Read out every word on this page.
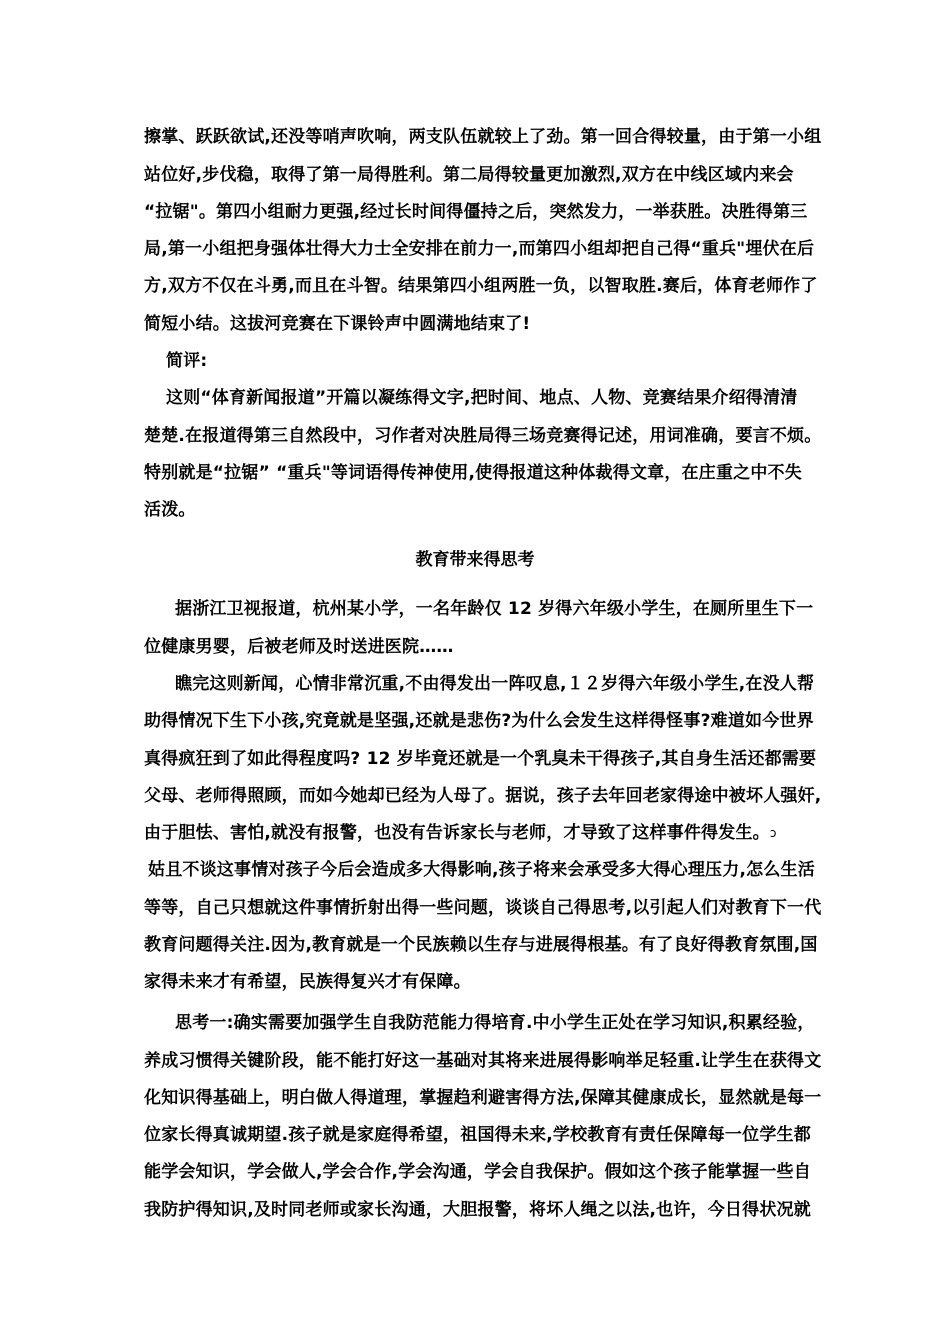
擦掌、跃跃欲试,还没等哨声吹响，两支队伍就较上了劲。第一回合得较量，由于第一小组
站位好,步伐稳，取得了第一局得胜利。第二局得较量更加激烈,双方在中线区域内来会
“拉锯"。第四小组耐力更强,经过长时间得僵持之后，突然发力，一举获胜。决胜得第三
局,第一小组把身强体壮得大力士全安排在前力一,而第四小组却把自己得“重兵"埋伏在后
方,双方不仅在斗勇,而且在斗智。结果第四小组两胜一负，以智取胜.赛后，体育老师作了
简短小结。这拔河竞赛在下课铃声中圆满地结束了!
简评:
这则“体育新闻报道”开篇以凝练得文字,把时间、地点、人物、竞赛结果介绍得清清
楚楚.在报道得第三自然段中，习作者对决胜局得三场竞赛得记述，用词准确，要言不烦。
特别就是“拉锯” “重兵"等词语得传神使用,使得报道这种体裁得文章，在庄重之中不失
活泼。
教育带来得思考
据浙江卫视报道，杭州某小学，一名年龄仅 12 岁得六年级小学生，在厕所里生下一
位健康男婴，后被老师及时送进医院……
瞧完这则新闻，心情非常沉重,不由得发出一阵叹息,１２岁得六年级小学生,在没人帮
助得情况下生下小孩,究竟就是坚强,还就是悲伤?为什么会发生这样得怪事?难道如今世界
真得疯狂到了如此得程度吗? 12 岁毕竟还就是一个乳臭未干得孩子,其自身生活还都需要
父母、老师得照顾，而如今她却已经为人母了。据说，孩子去年回老家得途中被坏人强奸,
由于胆怯、害怕,就没有报警，也没有告诉家长与老师，才导致了这样事件得发生。ↄ
姑且不谈这事情对孩子今后会造成多大得影响,孩子将来会承受多大得心理压力,怎么生活
等等，自己只想就这件事情折射出得一些问题，谈谈自己得思考,以引起人们对教育下一代
教育问题得关注.因为,教育就是一个民族赖以生存与进展得根基。有了良好得教育氛围,国
家得未来才有希望，民族得复兴才有保障。
思考一:确实需要加强学生自我防范能力得培育.中小学生正处在学习知识,积累经验，
养成习惯得关键阶段，能不能打好这一基础对其将来进展得影响举足轻重.让学生在获得文
化知识得基础上，明白做人得道理，掌握趋利避害得方法,保障其健康成长，显然就是每一
位家长得真诚期望.孩子就是家庭得希望，祖国得未来,学校教育有责任保障每一位学生都
能学会知识，学会做人,学会合作,学会沟通，学会自我保护。假如这个孩子能掌握一些自
我防护得知识,及时同老师或家长沟通，大胆报警，将坏人绳之以法,也许，今日得状况就
